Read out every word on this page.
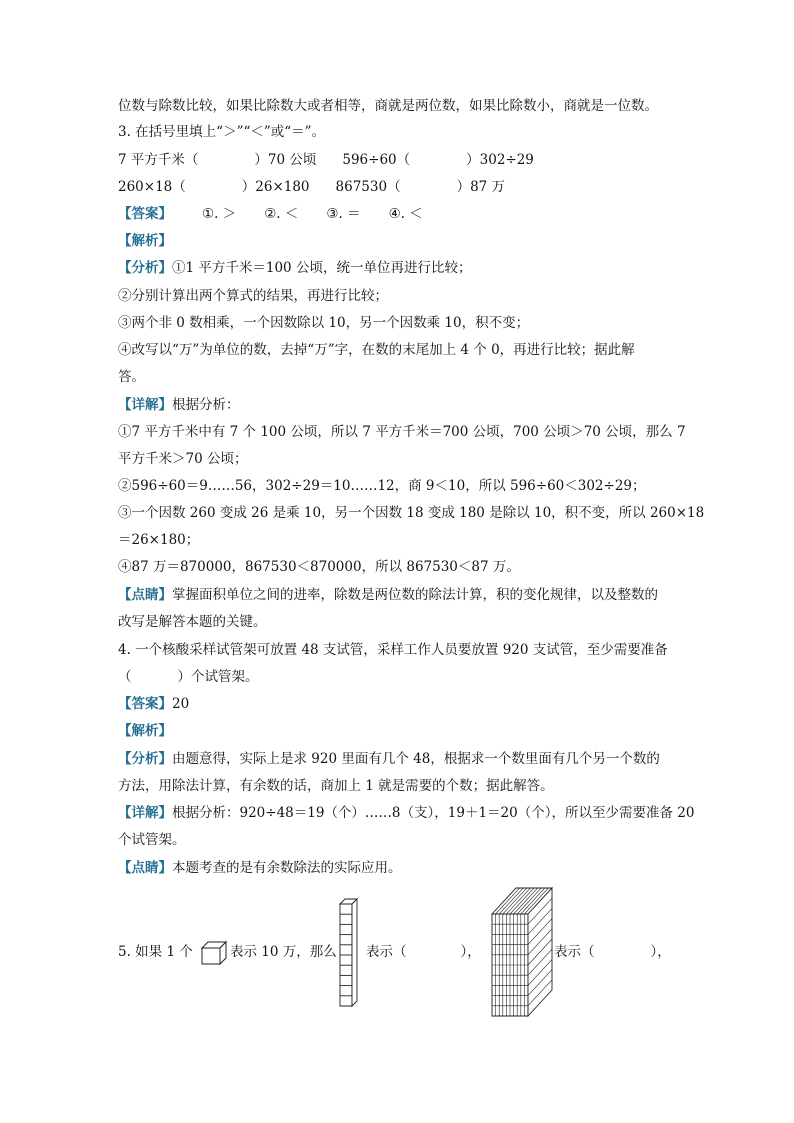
位数与除数比较，如果比除数大或者相等，商就是两位数，如果比除数小，商就是一位数。
3. 在括号里填上“＞”“＜”或“＝”。
7 平方千米（	）70 公顷 596÷60（	）302÷29
260×18（	）26×180 867530（	）87 万
【答案】 ①. ＞ ②. ＜ ③. ＝ ④. ＜
【解析】
【分析】①1 平方千米＝100 公顷，统一单位再进行比较；
②分别计算出两个算式的结果，再进行比较；
③两个非 0 数相乘，一个因数除以 10，另一个因数乘 10，积不变；
④改写以“万”为单位的数，去掉“万”字，在数的末尾加上 4 个 0，再进行比较；据此解
答。
【详解】根据分析：
①7 平方千米中有 7 个 100 公顷，所以 7 平方千米＝700 公顷，700 公顷＞70 公顷，那么 7
平方千米＞70 公顷；
②596÷60＝9……56，302÷29＝10……12，商 9＜10，所以 596÷60＜302÷29；
③一个因数 260 变成 26 是乘 10，另一个因数 18 变成 180 是除以 10，积不变，所以 260×18
＝26×180；
④87 万＝870000，867530＜870000，所以 867530＜87 万。
【点睛】掌握面积单位之间的进率，除数是两位数的除法计算，积的变化规律，以及整数的
改写是解答本题的关键。
4. 一个核酸采样试管架可放置 48 支试管，采样工作人员要放置 920 支试管，至少需要准备
（	）个试管架。
【答案】20
【解析】
【分析】由题意得，实际上是求 920 里面有几个 48，根据求一个数里面有几个另一个数的
方法，用除法计算，有余数的话，商加上 1 就是需要的个数；据此解答。
【详解】根据分析：920÷48＝19（个）……8（支），19＋1＝20（个），所以至少需要准备 20
个试管架。
【点睛】本题考查的是有余数除法的实际应用。
5. 如果 1 个	表示 10 万，那么 表示（	），	表示（	），
